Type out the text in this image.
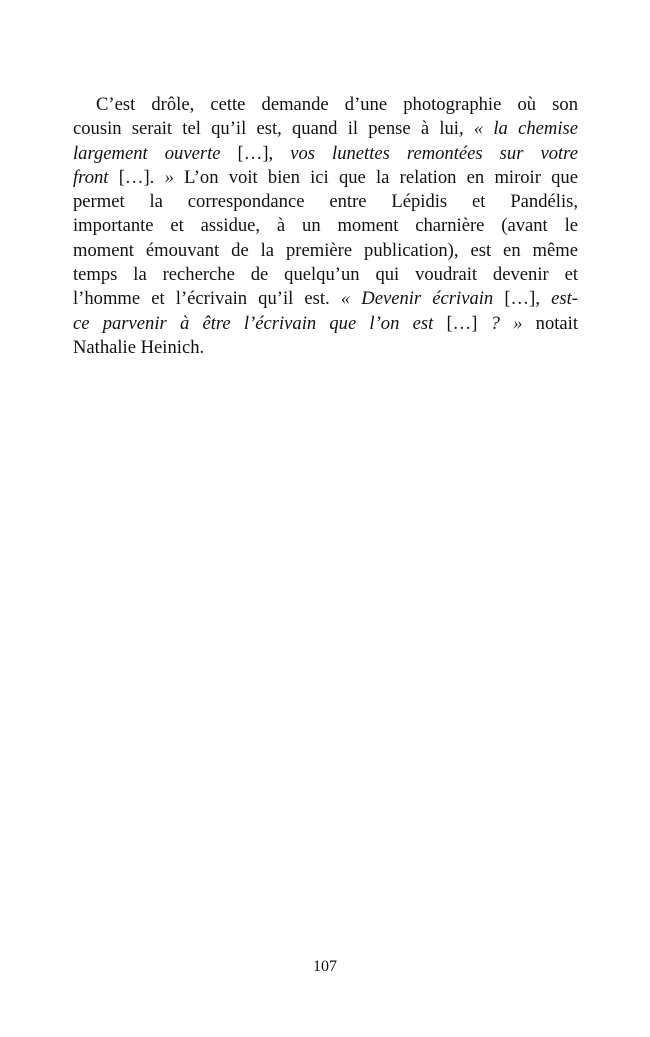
C’est drôle, cette demande d’une photographie où son
cousin serait tel qu’il est, quand il pense à lui, « la chemise
largement ouverte […], vos lunettes remontées sur votre
front […]. » L’on voit bien ici que la relation en miroir que
permet la correspondance entre Lépidis et Pandélis,
importante et assidue, à un moment charnière (avant le
moment émouvant de la première publication), est en même
temps la recherche de quelqu’un qui voudrait devenir et
l’homme et l’écrivain qu’il est. « Devenir écrivain […], est-
ce parvenir à être l’écrivain que l’on est […] ? » notait
Nathalie Heinich.
107
